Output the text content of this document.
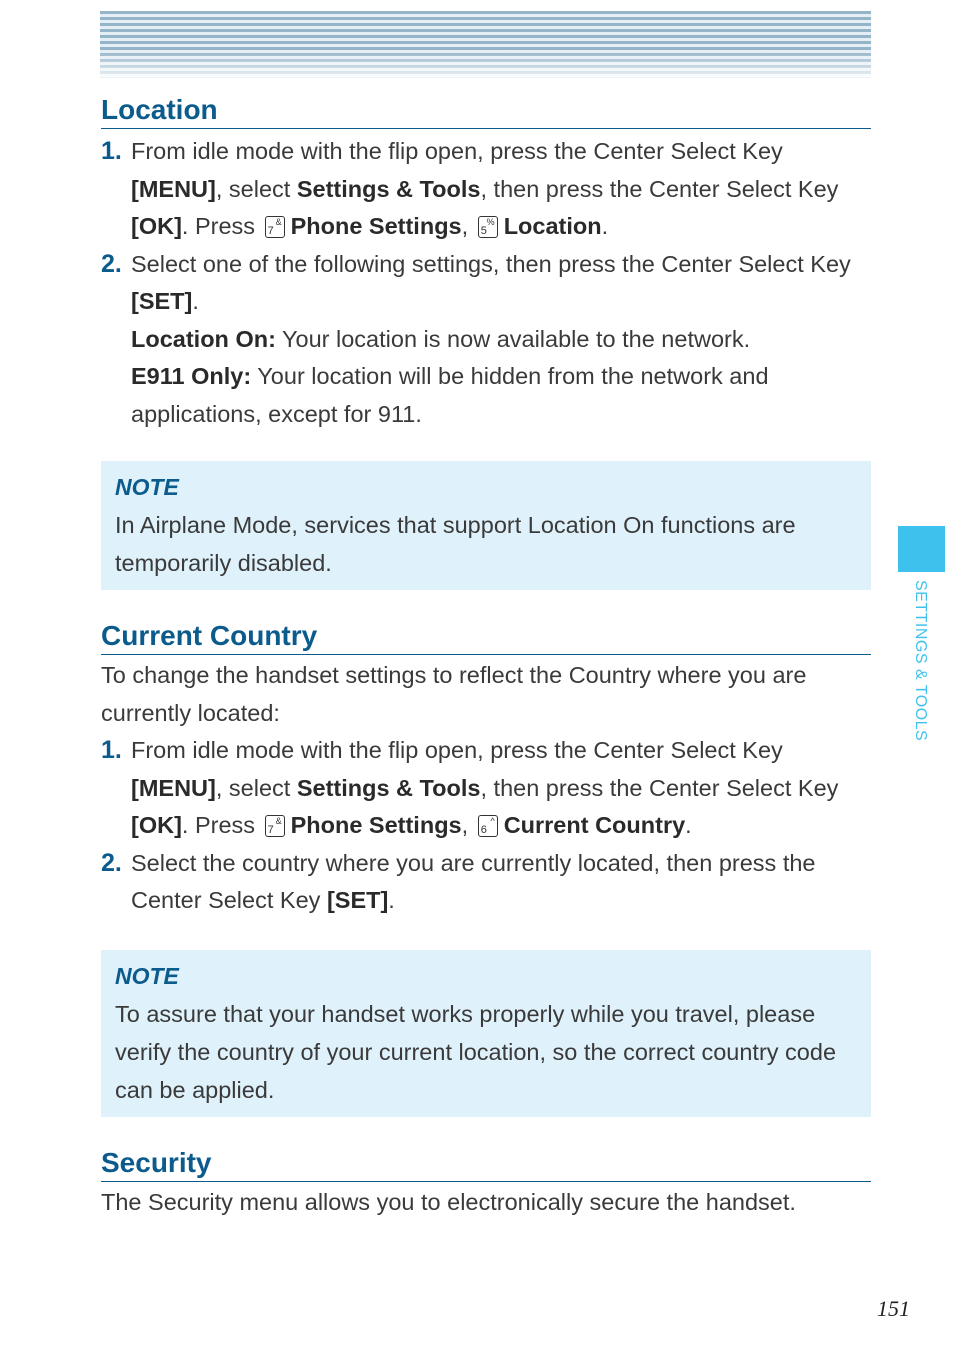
SETTINGS & TOOLS
Location
1. From idle mode with the flip open, press the Center Select Key [MENU], select Settings & Tools, then press the Center Select Key [OK]. Press &
7 Phone Settings, %
5 Location.
2. Select one of the following settings, then press the Center Select Key [SET].
Location On: Your location is now available to the network.
E911 Only: Your location will be hidden from the network and applications, except for 911.
NOTE
In Airplane Mode, services that support Location On functions are temporarily disabled.
Current Country

To change the handset settings to reflect the Country where you are currently located:

1. From idle mode with the flip open, press the Center Select Key [MENU], select Settings & Tools, then press the Center Select Key [OK]. Press &
7 Phone Settings, ^
6 Current Country.
2. Select the country where you are currently located, then press the Center Select Key [SET].
NOTE
To assure that your handset works properly while you travel, please verify the country of your current location, so the correct country code can be applied.
Security

The Security menu allows you to electronically secure the handset.

151
